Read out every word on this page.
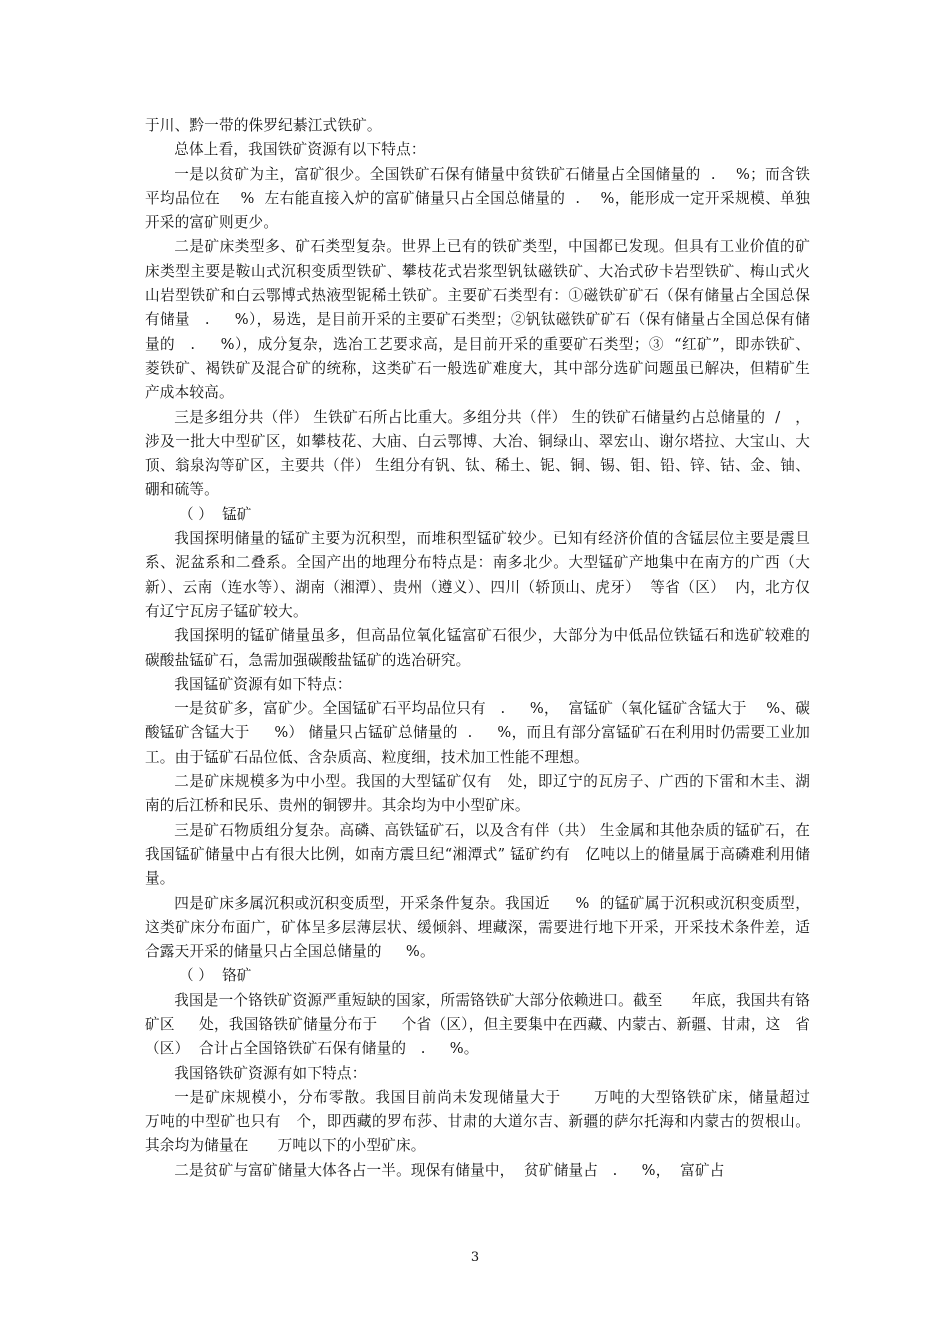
于川、黔一带的侏罗纪綦江式铁矿。

总体上看，我国铁矿资源有以下特点：

一是以贫矿为主，富矿很少。全国铁矿石保有储量中贫铁矿石储量占全国储量的  .    %；而含铁平均品位在    %  左右能直接入炉的富矿储量只占全国总储量的  .    %，能形成一定开采规模、单独开采的富矿则更少。

二是矿床类型多、矿石类型复杂。世界上已有的铁矿类型，中国都已发现。但具有工业价值的矿床类型主要是鞍山式沉积变质型铁矿、攀枝花式岩浆型钒钛磁铁矿、大冶式矽卡岩型铁矿、梅山式火山岩型铁矿和白云鄂博式热液型铌稀土铁矿。主要矿石类型有：①磁铁矿矿石（保有储量占全国总保有储量   .     %），易选，是目前开采的主要矿石类型；②钒钛磁铁矿矿石（保有储量占全国总保有储量的   .     %），成分复杂，选冶工艺要求高，是目前开采的重要矿石类型；③  “红矿”，即赤铁矿、菱铁矿、褐铁矿及混合矿的统称，这类矿石一般选矿难度大，其中部分选矿问题虽已解决，但精矿生产成本较高。

三是多组分共（伴） 生铁矿石所占比重大。多组分共（伴） 生的铁矿石储量约占总储量的  /   ，涉及一批大中型矿区，如攀枝花、大庙、白云鄂博、大冶、铜绿山、翠宏山、谢尔塔拉、大宝山、大顶、翁泉沟等矿区，主要共（伴） 生组分有钒、钛、稀土、铌、铜、锡、钼、铅、锌、钴、金、铀、硼和硫等。

（ ）  锰矿

我国探明储量的锰矿主要为沉积型，而堆积型锰矿较少。已知有经济价值的含锰层位主要是震旦系、泥盆系和二叠系。全国产出的地理分布特点是：南多北少。大型锰矿产地集中在南方的广西（大新）、云南（连水等）、湖南（湘潭）、贵州（遵义）、四川（轿顶山、虎牙）  等省（区）  内，北方仅有辽宁瓦房子锰矿较大。

我国探明的锰矿储量虽多，但高品位氧化锰富矿石很少，大部分为中低品位铁锰石和选矿较难的碳酸盐锰矿石，急需加强碳酸盐锰矿的选冶研究。

我国锰矿资源有如下特点：

一是贫矿多，富矿少。全国锰矿石平均品位只有   .     %，  富锰矿（氧化锰矿含锰大于    %、碳酸锰矿含锰大于     %） 储量只占锰矿总储量的  .     %，而且有部分富锰矿石在利用时仍需要工业加工。由于锰矿石品位低、含杂质高、粒度细，技术加工性能不理想。

二是矿床规模多为中小型。我国的大型锰矿仅有   处，即辽宁的瓦房子、广西的下雷和木圭、湖南的后江桥和民乐、贵州的铜锣井。其余均为中小型矿床。

三是矿石物质组分复杂。高磷、高铁锰矿石，以及含有伴（共） 生金属和其他杂质的锰矿石，在我国锰矿储量中占有很大比例，如南方震旦纪“湘潭式” 锰矿约有   亿吨以上的储量属于高磷难利用储量。

四是矿床多属沉积或沉积变质型，开采条件复杂。我国近     %  的锰矿属于沉积或沉积变质型，这类矿床分布面广，矿体呈多层薄层状、缓倾斜、埋藏深，需要进行地下开采，开采技术条件差，适合露天开采的储量只占全国总储量的     %。

（ ）  铬矿

我国是一个铬铁矿资源严重短缺的国家，所需铬铁矿大部分依赖进口。截至      年底，我国共有铬矿区     处，我国铬铁矿储量分布于     个省（区），但主要集中在西藏、内蒙古、新疆、甘肃，这   省（区）  合计占全国铬铁矿石保有储量的   .     %。

我国铬铁矿资源有如下特点：

一是矿床规模小，分布零散。我国目前尚未发现储量大于      万吨的大型铬铁矿床，储量超过      万吨的中型矿也只有   个，即西藏的罗布莎、甘肃的大道尔吉、新疆的萨尔托海和内蒙古的贺根山。其余均为储量在      万吨以下的小型矿床。

二是贫矿与富矿储量大体各占一半。现保有储量中，  贫矿储量占   .     %，  富矿占

3
